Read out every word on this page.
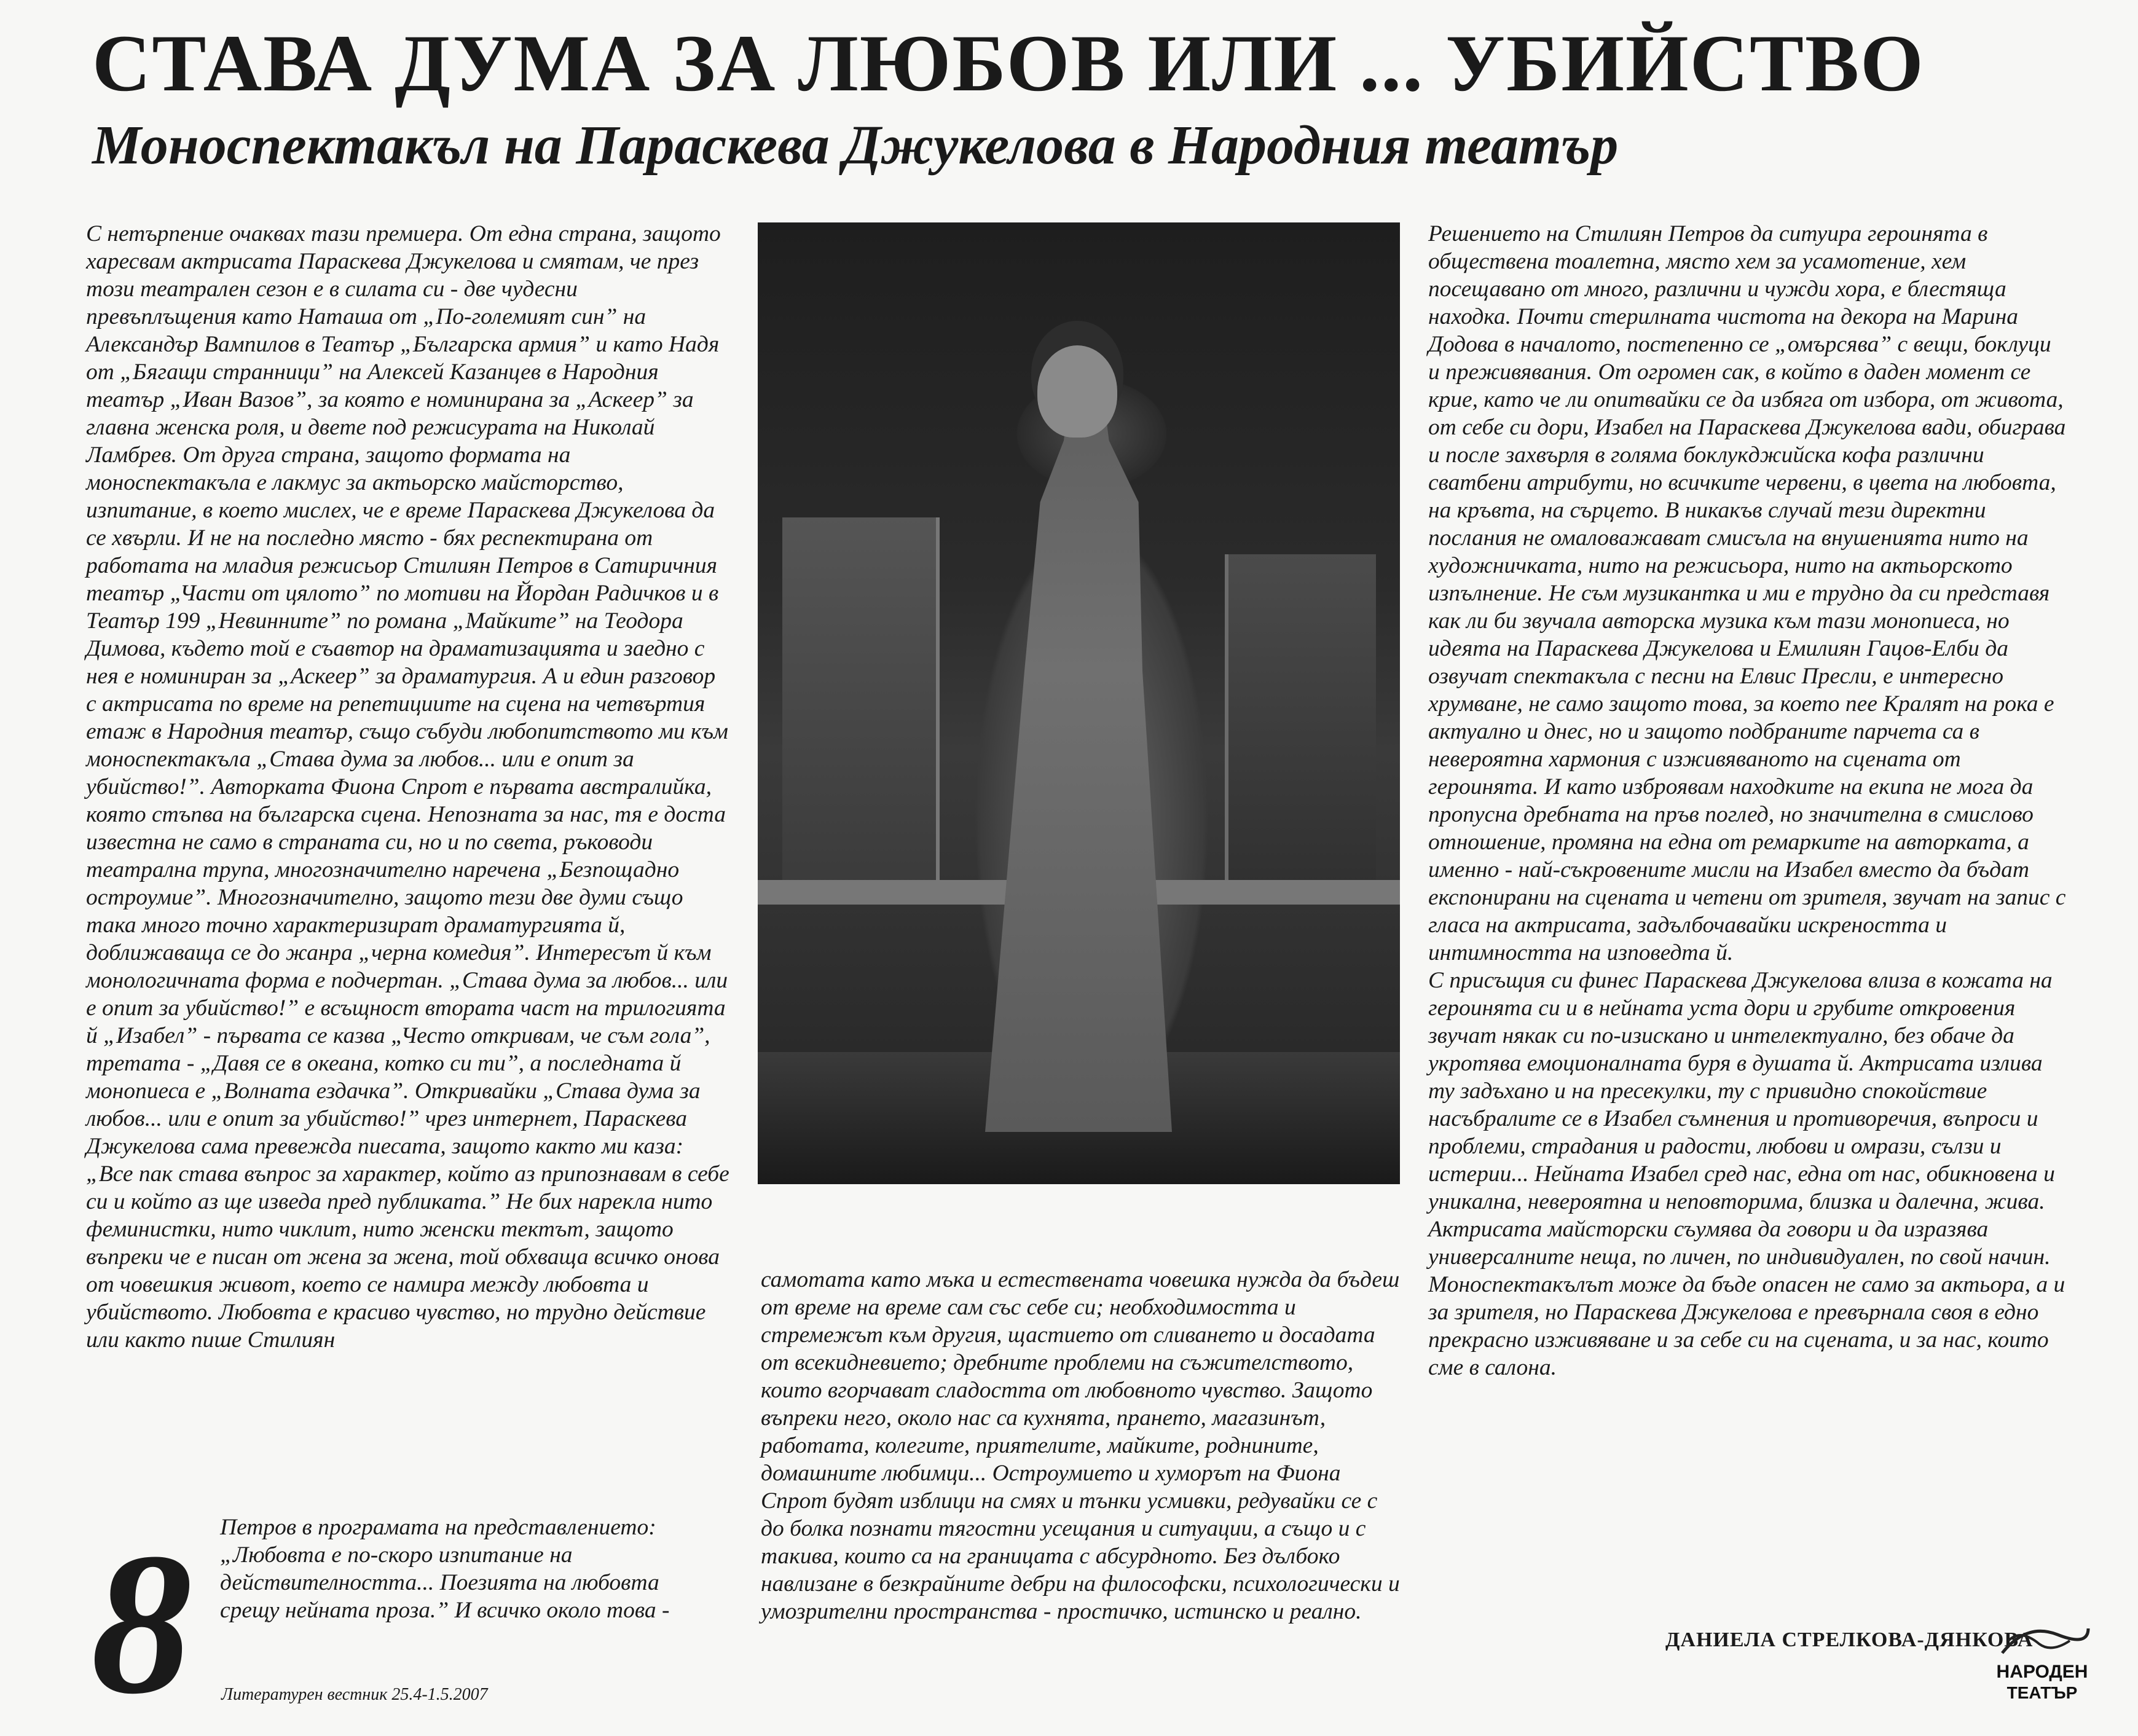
СТАВА ДУМА ЗА ЛЮБОВ ИЛИ ... УБИЙСТВО
Моноспектакъл на Параскева Джукелова в Народния театър

С нетърпение очаквах тази премиера. От една страна, защото харесвам актрисата Параскева Джукелова и смятам, че през този театрален сезон е в силата си - две чудесни превъплъщения като Наташа от „По-големият син” на Александър Вампилов в Театър „Българска армия” и като Надя от „Бягащи странници” на Алексей Казанцев в Народния театър „Иван Вазов”, за която е номинирана за „Аскеер” за главна женска роля, и двете под режисурата на Николай Ламбрев. От друга страна, защото формата на моноспектакъла е лакмус за актьорско майсторство, изпитание, в което мислех, че е време Параскева Джукелова да се хвърли. И не на последно място - бях респектирана от работата на младия режисьор Стилиян Петров в Сатиричния театър „Части от цялото” по мотиви на Йордан Радичков и в Театър 199 „Невинните” по романа „Майките” на Теодора Димова, където той е съавтор на драматизацията и заедно с нея е номиниран за „Аскеер” за драматургия. А и един разговор с актрисата по време на репетициите на сцена на четвъртия етаж в Народния театър, също събуди любопитството ми към моноспектакъла „Става дума за любов... или е опит за убийство!”. Авторката Фиона Спрот е първата австралийка, която стъпва на българска сцена. Непозната за нас, тя е доста известна не само в страната си, но и по света, ръководи театрална трупа, многозначително наречена „Безпощадно остроумие”. Многозначително, защото тези две думи също така много точно характеризират драматургията й, доближаваща се до жанра „черна комедия”. Интересът й към монологичната форма е подчертан. „Става дума за любов... или е опит за убийство!” е всъщност втората част на трилогията й „Изабел” - първата се казва „Често откривам, че съм гола”, третата - „Давя се в океана, котко си ти”, а последната й монопиеса е „Волната ездачка”. Откривайки „Става дума за любов... или е опит за убийство!” чрез интернет, Параскева Джукелова сама превежда пиесата, защото както ми каза: „Все пак става въпрос за характер, който аз припознавам в себе си и който аз ще изведа пред публиката.” Не бих нарекла нито феминистки, нито чиклит, нито женски тектът, защото въпреки че е писан от жена за жена, той обхваща всичко онова от човешкия живот, което се намира между любовта и убийството. Любовта е красиво чувство, но трудно действие или както пише Стилиян

самотата като мъка и естествената човешка нужда да бъдеш от време на време сам със себе си; необходимостта и стремежът към другия, щастието от сливането и досадата от всекидневието; дребните проблеми на съжителството, които вгорчават сладостта от любовното чувство. Защото въпреки него, около нас са кухнята, прането, магазинът, работата, колегите, приятелите, майките, роднините, домашните любимци... Остроумието и хуморът на Фиона Спрот будят изблици на смях и тънки усмивки, редувайки се с до болка познати тягостни усещания и ситуации, а също и с такива, които са на границата с абсурдното. Без дълбоко навлизане в безкрайните дебри на философски, психологически и умозрителни пространства - простичко, истинско и реално.

Решението на Стилиян Петров да ситуира героинята в обществена тоалетна, място хем за усамотение, хем посещавано от много, различни и чужди хора, е блестяща находка. Почти стерилната чистота на декора на Марина Додова в началото, постепенно се „омърсява” с вещи, боклуци и преживявания. От огромен сак, в който в даден момент се крие, като че ли опитвайки се да избяга от избора, от живота, от себе си дори, Изабел на Параскева Джукелова вади, обиграва и после захвърля в голяма боклукджийска кофа различни сватбени атрибути, но всичките червени, в цвета на любовта, на кръвта, на сърцето. В никакъв случай тези директни послания не омаловажават смисъла на внушенията нито на художничката, нито на режисьора, нито на актьорското изпълнение. Не съм музикантка и ми е трудно да си представя как ли би звучала авторска музика към тази монопиеса, но идеята на Параскева Джукелова и Емилиян Гацов-Елби да озвучат спектакъла с песни на Елвис Пресли, е интересно хрумване, не само защото това, за което пее Кралят на рока е актуално и днес, но и защото подбраните парчета са в невероятна хармония с изживяваното на сцената от героинята. И като изброявам находките на екипа не мога да пропусна дребната на пръв поглед, но значителна в смислово отношение, промяна на една от ремарките на авторката, а именно - най-съкровените мисли на Изабел вместо да бъдат експонирани на сцената и четени от зрителя, звучат на запис с гласа на актрисата, задълбочавайки искреността и интимността на изповедта й.

С присъщия си финес Параскева Джукелова влиза в кожата на героинята си и в нейната уста дори и грубите откровения звучат някак си по-изискано и интелектуално, без обаче да укротява емоционалната буря в душата й. Актрисата излива ту задъхано и на пресекулки, ту с привидно спокойствие насъбралите се в Изабел съмнения и противоречия, въпроси и проблеми, страдания и радости, любови и омрази, сълзи и истерии... Нейната Изабел сред нас, една от нас, обикновена и уникална, невероятна и неповторима, близка и далечна, жива. Актрисата майсторски съумява да говори и да изразява универсалните неща, по личен, по индивидуален, по свой начин.

Моноспектакълът може да бъде опасен не само за актьора, а и за зрителя, но Параскева Джукелова е превърнала своя в едно прекрасно изживяване и за себе си на сцената, и за нас, които сме в салона.

Петров в програмата на представлението: „Любовта е по-скоро изпитание на действителността... Поезията на любовта срещу нейната проза.” И всичко около това -

8 Литературен вестник 25.4-1.5.2007
ДАНИЕЛА СТРЕЛКОВА-ДЯНКОВА
НАРОДЕН
ТЕАТЪР
